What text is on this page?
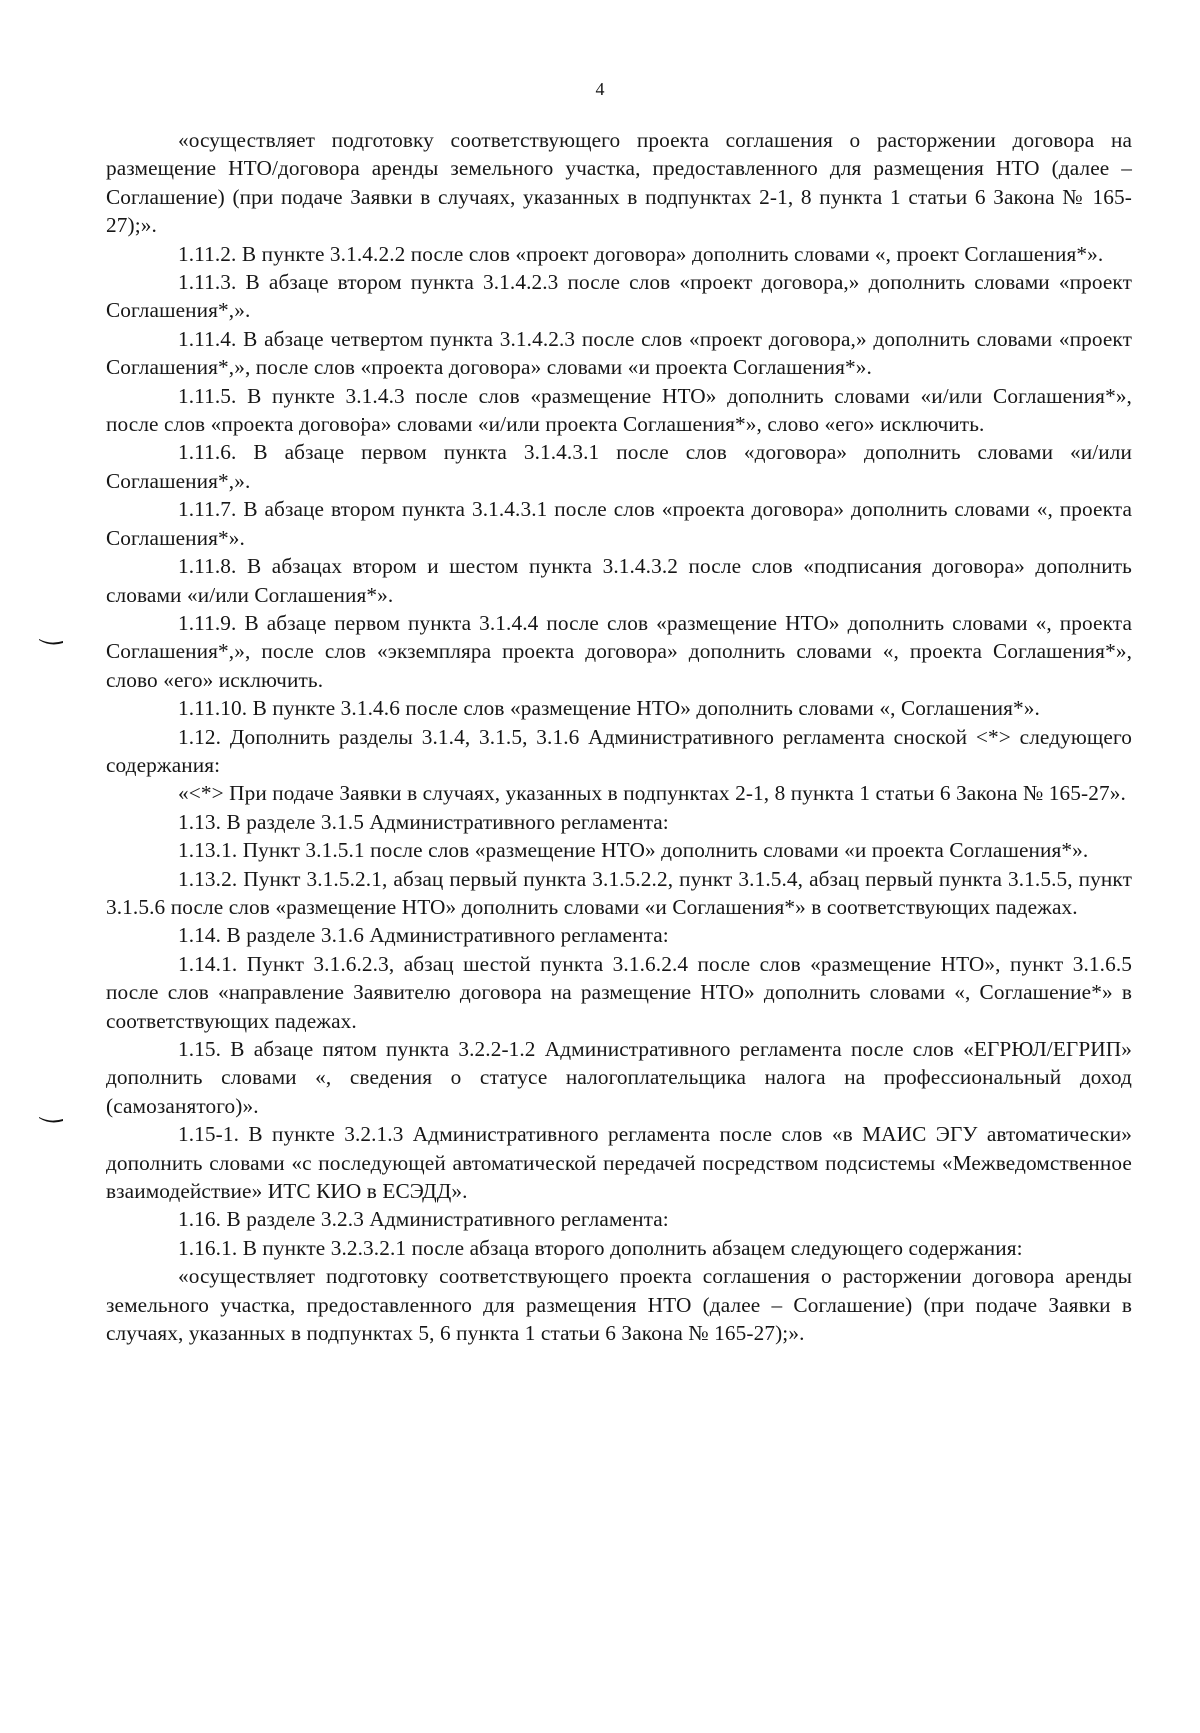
4

«осуществляет подготовку соответствующего проекта соглашения о расторжении договора на размещение НТО/договора аренды земельного участка, предоставленного для размещения НТО (далее – Соглашение) (при подаче Заявки в случаях, указанных в подпунктах 2-1, 8 пункта 1 статьи 6 Закона № 165-27);».

1.11.2. В пункте 3.1.4.2.2 после слов «проект договора» дополнить словами «, проект Соглашения*».

1.11.3. В абзаце втором пункта 3.1.4.2.3 после слов «проект договора,» дополнить словами «проект Соглашения*,».

1.11.4. В абзаце четвертом пункта 3.1.4.2.3 после слов «проект договора,» дополнить словами «проект Соглашения*,», после слов «проекта договора» словами «и проекта Соглашения*».

1.11.5. В пункте 3.1.4.3 после слов «размещение НТО» дополнить словами «и/или Соглашения*», после слов «проекта договора» словами «и/или проекта Соглашения*», слово «его» исключить.

1.11.6. В абзаце первом пункта 3.1.4.3.1 после слов «договора» дополнить словами «и/или Соглашения*,».

1.11.7. В абзаце втором пункта 3.1.4.3.1 после слов «проекта договора» дополнить словами «, проекта Соглашения*».

1.11.8. В абзацах втором и шестом пункта 3.1.4.3.2 после слов «подписания договора» дополнить словами «и/или Соглашения*».

1.11.9. В абзаце первом пункта 3.1.4.4 после слов «размещение НТО» дополнить словами «, проекта Соглашения*,», после слов «экземпляра проекта договора» дополнить словами «, проекта Соглашения*», слово «его» исключить.

1.11.10. В пункте 3.1.4.6 после слов «размещение НТО» дополнить словами «, Соглашения*».

1.12. Дополнить разделы 3.1.4, 3.1.5, 3.1.6 Административного регламента сноской <*> следующего содержания:

«<*> При подаче Заявки в случаях, указанных в подпунктах 2-1, 8 пункта 1 статьи 6 Закона № 165-27».

1.13. В разделе 3.1.5 Административного регламента:

1.13.1. Пункт 3.1.5.1 после слов «размещение НТО» дополнить словами «и проекта Соглашения*».

1.13.2. Пункт 3.1.5.2.1, абзац первый пункта 3.1.5.2.2, пункт 3.1.5.4, абзац первый пункта 3.1.5.5, пункт 3.1.5.6 после слов «размещение НТО» дополнить словами «и Соглашения*» в соответствующих падежах.

1.14. В разделе 3.1.6 Административного регламента:

1.14.1. Пункт 3.1.6.2.3, абзац шестой пункта 3.1.6.2.4 после слов «размещение НТО», пункт 3.1.6.5 после слов «направление Заявителю договора на размещение НТО» дополнить словами «, Соглашение*» в соответствующих падежах.

1.15. В абзаце пятом пункта 3.2.2-1.2 Административного регламента после слов «ЕГРЮЛ/ЕГРИП» дополнить словами «, сведения о статусе налогоплательщика налога на профессиональный доход (самозанятого)».

1.15-1. В пункте 3.2.1.3 Административного регламента после слов «в МАИС ЭГУ автоматически» дополнить словами «с последующей автоматической передачей посредством подсистемы «Межведомственное взаимодействие» ИТС КИО в ЕСЭДД».

1.16. В разделе 3.2.3 Административного регламента:

1.16.1. В пункте 3.2.3.2.1 после абзаца второго дополнить абзацем следующего содержания:

«осуществляет подготовку соответствующего проекта соглашения о расторжении договора аренды земельного участка, предоставленного для размещения НТО (далее – Соглашение) (при подаче Заявки в случаях, указанных в подпунктах 5, 6 пункта 1 статьи 6 Закона № 165-27);».
